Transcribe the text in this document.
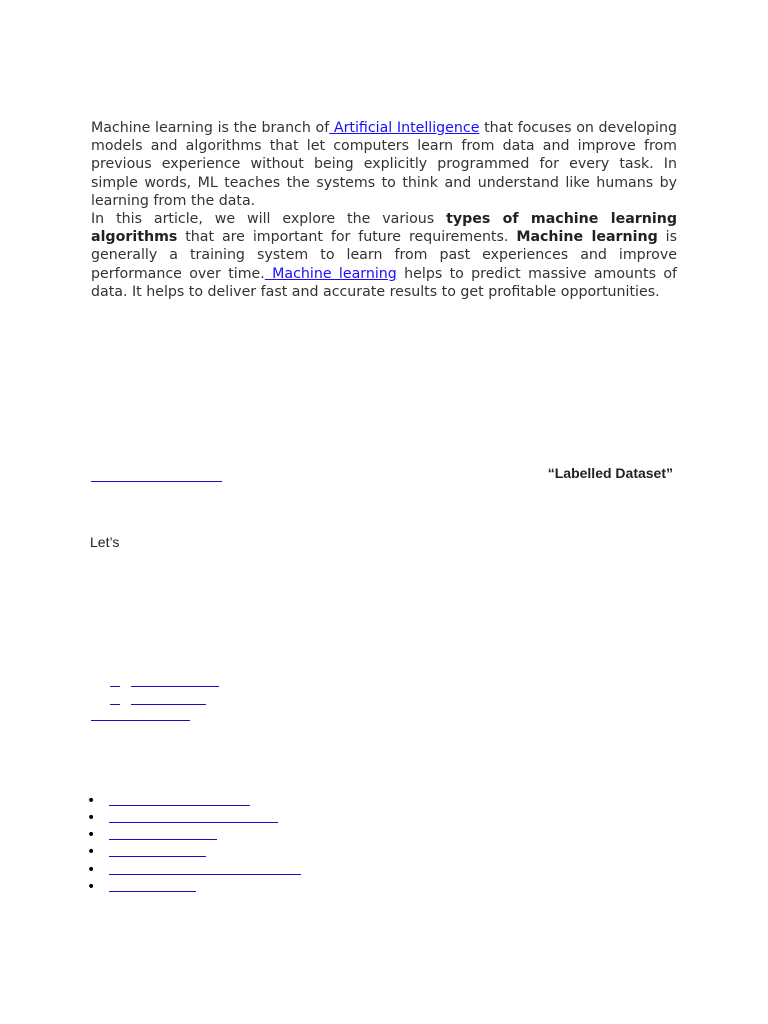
Machine learning is the branch of Artificial Intelligence that focuses on developing models and algorithms that let computers learn from data and improve from previous experience without being explicitly programmed for every task. In simple words, ML teaches the systems to think and understand like humans by learning from the data.

In this article, we will explore the various types of machine learning algorithms that are important for future requirements. Machine learning is generally a training system to learn from past experiences and improve performance over time. Machine learning helps to predict massive amounts of data. It helps to deliver fast and accurate results to get profitable opportunities.

“Labelled Dataset”
Let’s
•
•
•
•
•
•
